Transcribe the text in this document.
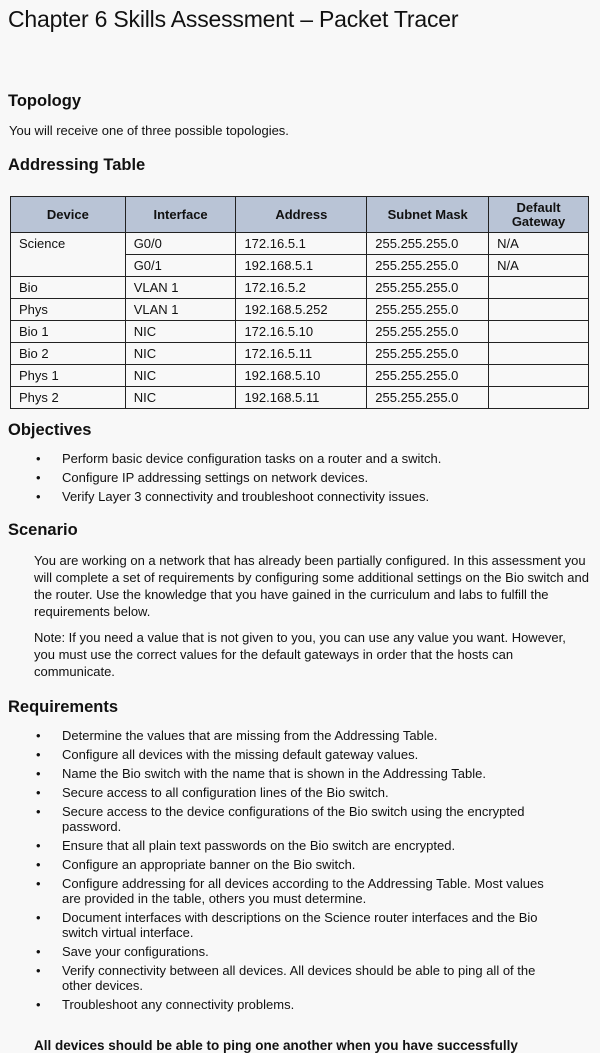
Chapter 6 Skills Assessment – Packet Tracer
Topology

You will receive one of three possible topologies.

Addressing Table
Device	Interface	Address	Subnet Mask	Default Gateway
Science	G0/0	172.16.5.1	255.255.255.0	N/A
	G0/1	192.168.5.1	255.255.255.0	N/A
Bio	VLAN 1	172.16.5.2	255.255.255.0	
Phys	VLAN 1	192.168.5.252	255.255.255.0	
Bio 1	NIC	172.16.5.10	255.255.255.0	
Bio 2	NIC	172.16.5.11	255.255.255.0	
Phys 1	NIC	192.168.5.10	255.255.255.0	
Phys 2	NIC	192.168.5.11	255.255.255.0	
Objectives
• Perform basic device configuration tasks on a router and a switch.
• Configure IP addressing settings on network devices.
• Verify Layer 3 connectivity and troubleshoot connectivity issues.
Scenario

You are working on a network that has already been partially configured. In this assessment you will complete a set of requirements by configuring some additional settings on the Bio switch and the router. Use the knowledge that you have gained in the curriculum and labs to fulfill the requirements below.

Note: If you need a value that is not given to you, you can use any value you want. However, you must use the correct values for the default gateways in order that the hosts can communicate.

Requirements
• Determine the values that are missing from the Addressing Table.
• Configure all devices with the missing default gateway values.
• Name the Bio switch with the name that is shown in the Addressing Table.
• Secure access to all configuration lines of the Bio switch.
• Secure access to the device configurations of the Bio switch using the encrypted password.
• Ensure that all plain text passwords on the Bio switch are encrypted.
• Configure an appropriate banner on the Bio switch.
• Configure addressing for all devices according to the Addressing Table. Most values are provided in the table, others you must determine.
• Document interfaces with descriptions on the Science router interfaces and the Bio switch virtual interface.
• Save your configurations.
• Verify connectivity between all devices. All devices should be able to ping all of the other devices.
• Troubleshoot any connectivity problems.
All devices should be able to ping one another when you have successfully
